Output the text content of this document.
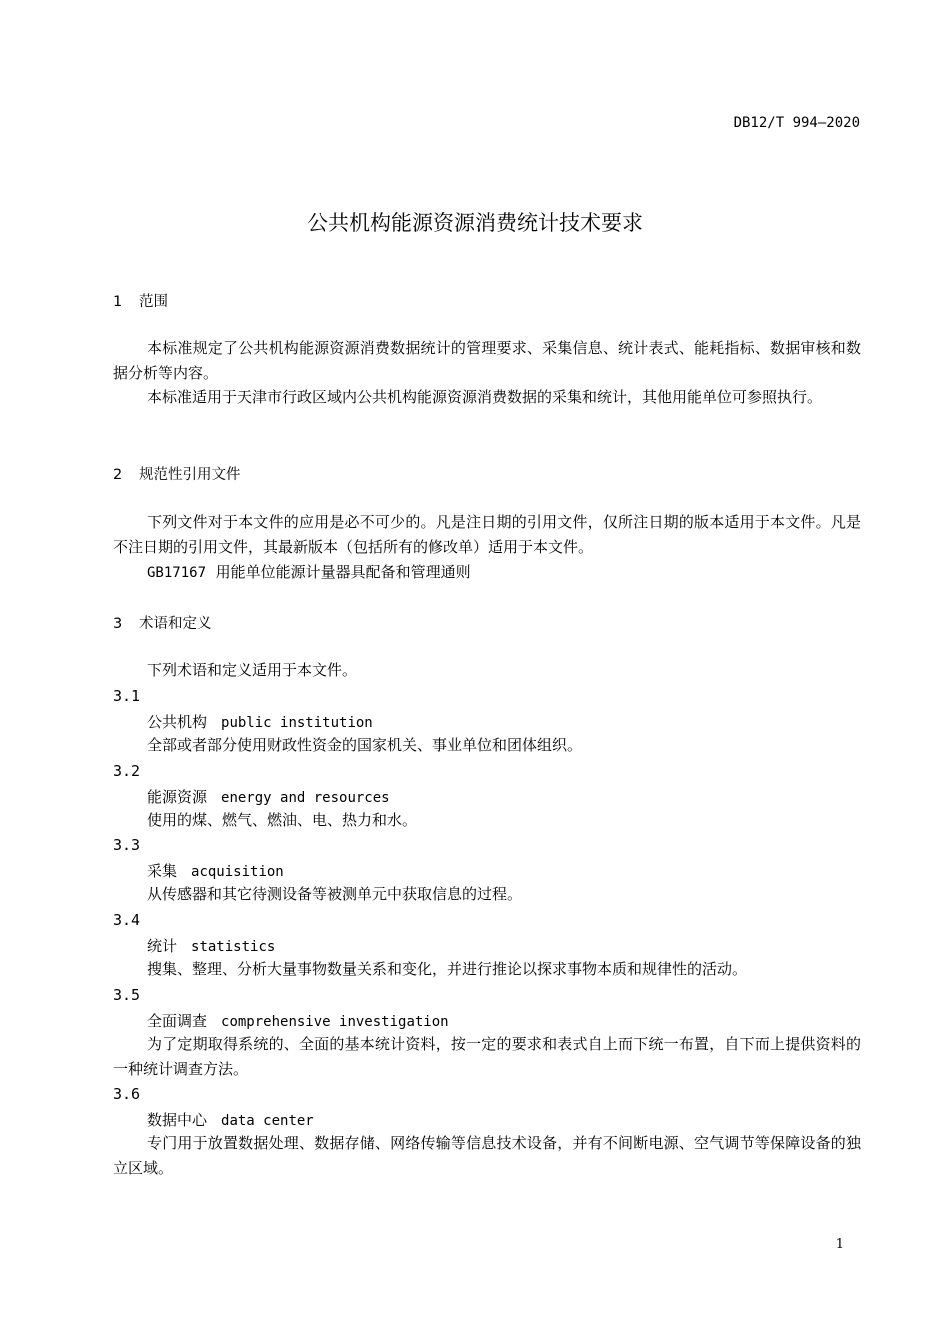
DB12/T 994—2020
公共机构能源资源消费统计技术要求
1 范围

本标准规定了公共机构能源资源消费数据统计的管理要求、采集信息、统计表式、能耗指标、数据审核和数据分析等内容。

本标准适用于天津市行政区域内公共机构能源资源消费数据的采集和统计，其他用能单位可参照执行。

2 规范性引用文件

下列文件对于本文件的应用是必不可少的。凡是注日期的引用文件，仅所注日期的版本适用于本文件。凡是不注日期的引用文件，其最新版本（包括所有的修改单）适用于本文件。

GB17167 用能单位能源计量器具配备和管理通则
3 术语和定义
下列术语和定义适用于本文件。
3.1
公共机构 public institution

全部或者部分使用财政性资金的国家机关、事业单位和团体组织。

3.2
能源资源 energy and resources

使用的煤、燃气、燃油、电、热力和水。

3.3
采集 acquisition

从传感器和其它待测设备等被测单元中获取信息的过程。

3.4
统计 statistics

搜集、整理、分析大量事物数量关系和变化，并进行推论以探求事物本质和规律性的活动。

3.5
全面调查 comprehensive investigation

为了定期取得系统的、全面的基本统计资料，按一定的要求和表式自上而下统一布置，自下而上提供资料的一种统计调查方法。

3.6
数据中心 data center

专门用于放置数据处理、数据存储、网络传输等信息技术设备，并有不间断电源、空气调节等保障设备的独立区域。

1
